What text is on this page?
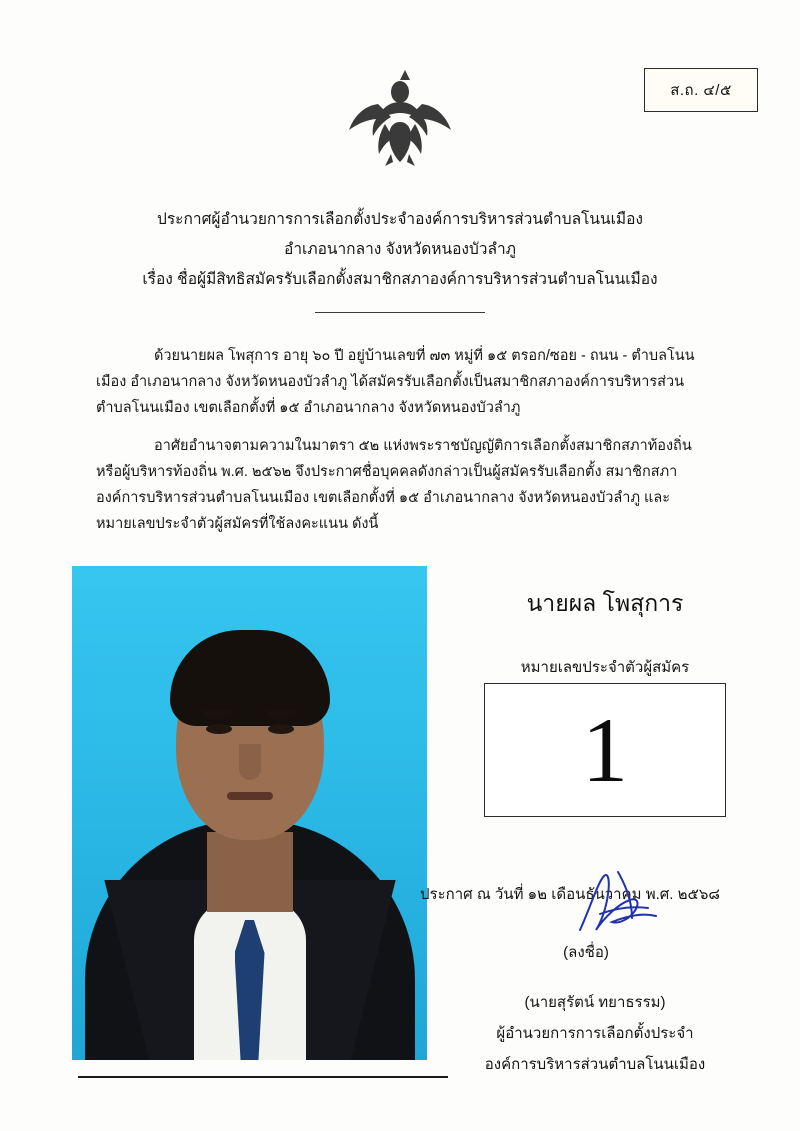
ส.ถ. ๔/๕
ประกาศผู้อำนวยการการเลือกตั้งประจำองค์การบริหารส่วนตำบลโนนเมือง
อำเภอนากลาง จังหวัดหนองบัวลำภู
เรื่อง ชื่อผู้มีสิทธิสมัครรับเลือกตั้งสมาชิกสภาองค์การบริหารส่วนตำบลโนนเมือง
ด้วยนายผล โพสุการ อายุ ๖๐ ปี อยู่บ้านเลขที่ ๗๓ หมู่ที่ ๑๕ ตรอก/ซอย - ถนน - ตำบลโนนเมือง อำเภอนากลาง จังหวัดหนองบัวลำภู ได้สมัครรับเลือกตั้งเป็นสมาชิกสภาองค์การบริหารส่วนตำบลโนนเมือง เขตเลือกตั้งที่ ๑๕ อำเภอนากลาง จังหวัดหนองบัวลำภู
อาศัยอำนาจตามความในมาตรา ๕๒ แห่งพระราชบัญญัติการเลือกตั้งสมาชิกสภาท้องถิ่นหรือผู้บริหารท้องถิ่น พ.ศ. ๒๕๖๒ จึงประกาศชื่อบุคคลดังกล่าวเป็นผู้สมัครรับเลือกตั้ง สมาชิกสภาองค์การบริหารส่วนตำบลโนนเมือง เขตเลือกตั้งที่ ๑๕ อำเภอนากลาง จังหวัดหนองบัวลำภู และหมายเลขประจำตัวผู้สมัครที่ใช้ลงคะแนน ดังนี้
นายผล โพสุการ
หมายเลขประจำตัวผู้สมัคร
1
ประกาศ ณ วันที่ ๑๒ เดือนธันวาคม พ.ศ. ๒๕๖๘
(ลงชื่อ)
(นายสุรัตน์ ทยาธรรม)
ผู้อำนวยการการเลือกตั้งประจำ
องค์การบริหารส่วนตำบลโนนเมือง
